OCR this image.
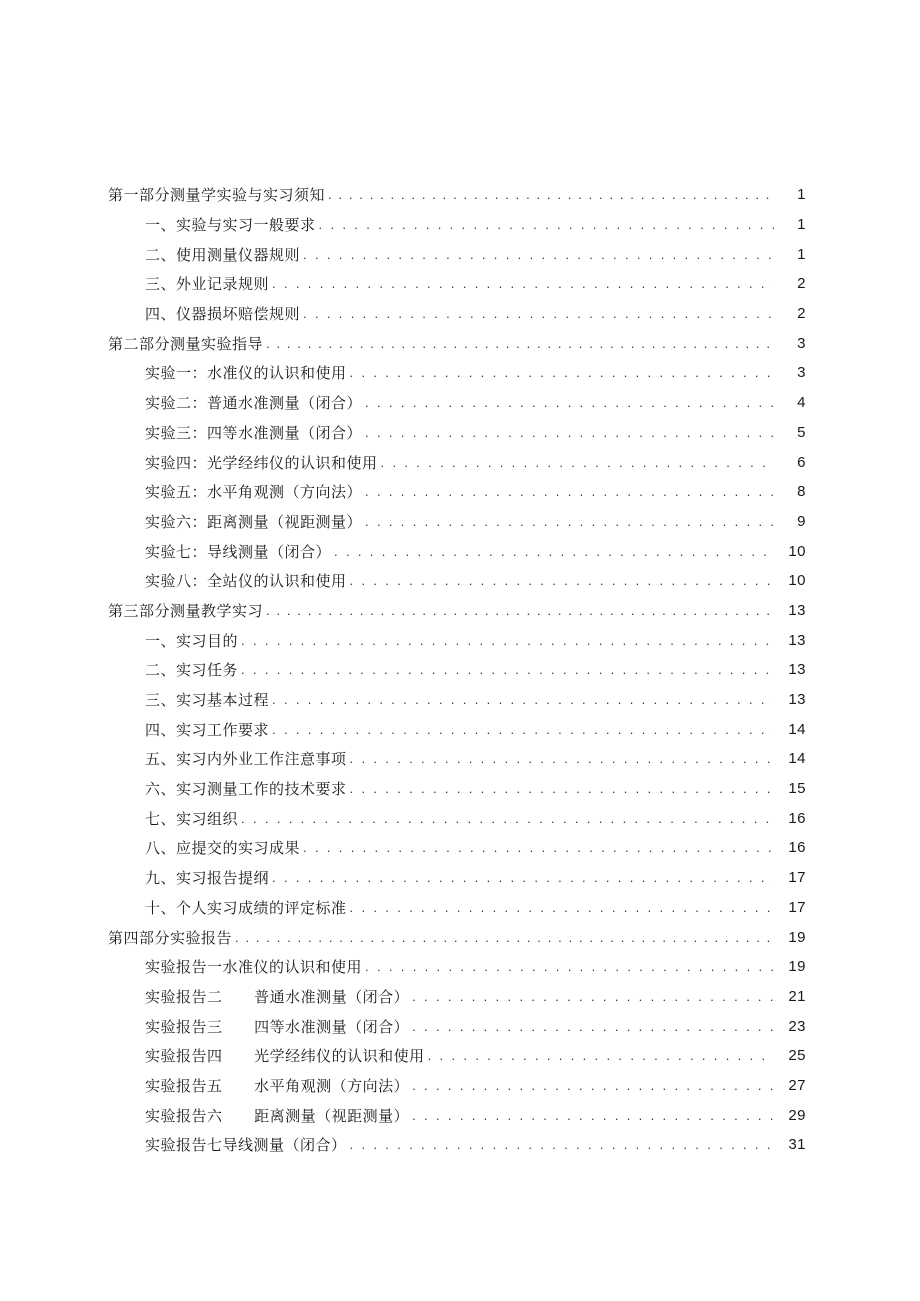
第一部分测量学实验与实习须知 . . .	1
一、实验与实习一般要求 . . .	1
二、使用测量仪器规则 . . .	1
三、外业记录规则 . . .	2
四、仪器损坏赔偿规则 . . .	2
第二部分测量实验指导 . . .	3
实验一：水准仪的认识和使用 . . .	3
实验二：普通水准测量（闭合） . . .	4
实验三：四等水准测量（闭合） . . .	5
实验四：光学经纬仪的认识和使用 . . .	6
实验五：水平角观测（方向法） . . .	8
实验六：距离测量（视距测量） . . .	9
实验七：导线测量（闭合） . . .	10
实验八：全站仪的认识和使用 . . .	10
第三部分测量教学实习 . . .	13
一、实习目的 . . .	13
二、实习任务 . . .	13
三、实习基本过程 . . .	13
四、实习工作要求 . . .	14
五、实习内外业工作注意事项 . . .	14
六、实习测量工作的技术要求 . . .	15
七、实习组织 . . .	16
八、应提交的实习成果 . . .	16
九、实习报告提纲 . . .	17
十、个人实习成绩的评定标准 . . .	17
第四部分实验报告 . . .	19
实验报告一水准仪的认识和使用 . . .	19
实验报告二      普通水准测量（闭合） . . .	21
实验报告三      四等水准测量（闭合） . . .	23
实验报告四      光学经纬仪的认识和使用 . . .	25
实验报告五      水平角观测（方向法） . . .	27
实验报告六      距离测量（视距测量） . . .	29
实验报告七导线测量（闭合） . . .	31
